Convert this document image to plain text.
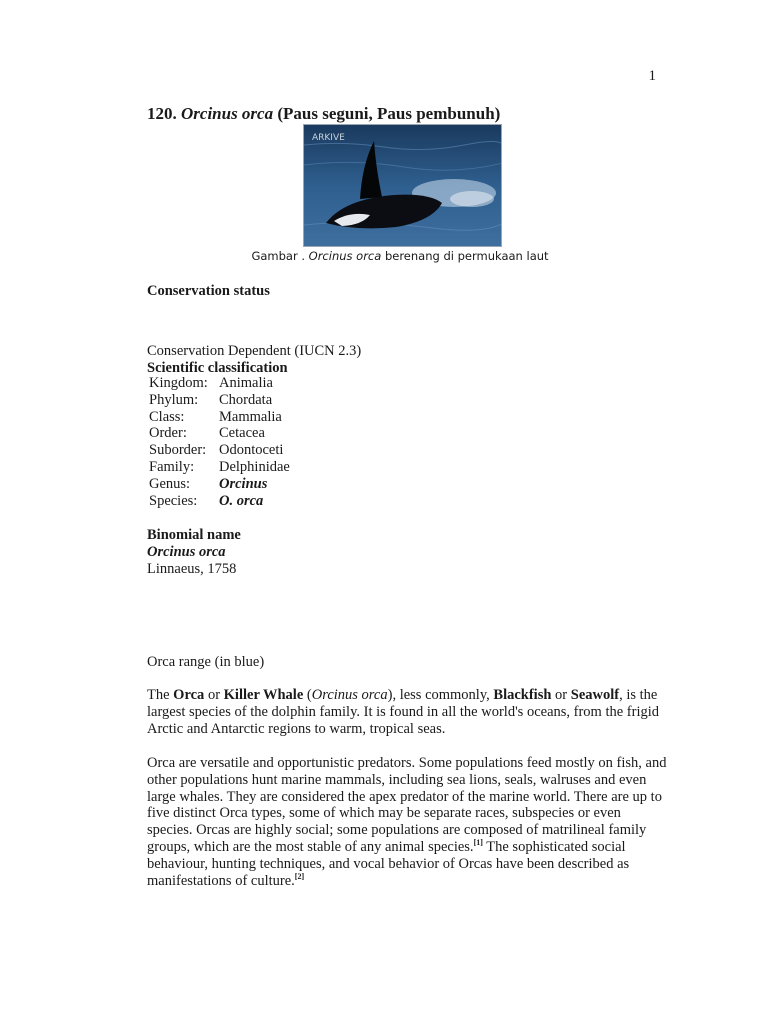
1
120. Orcinus orca (Paus seguni, Paus pembunuh)
ARKIVE
Gambar . Orcinus orca berenang di permukaan laut
Conservation status
Conservation Dependent (IUCN 2.3)
Scientific classification
Kingdom:	Animalia
Phylum:	Chordata
Class:	Mammalia
Order:	Cetacea
Suborder:	Odontoceti
Family:	Delphinidae
Genus:	Orcinus
Species:	O. orca
Binomial name
Orcinus orca
Linnaeus, 1758
Orca range (in blue)

The Orca or Killer Whale (Orcinus orca), less commonly, Blackfish or Seawolf, is the largest species of the dolphin family. It is found in all the world's oceans, from the frigid Arctic and Antarctic regions to warm, tropical seas.

Orca are versatile and opportunistic predators. Some populations feed mostly on fish, and other populations hunt marine mammals, including sea lions, seals, walruses and even large whales. They are considered the apex predator of the marine world. There are up to five distinct Orca types, some of which may be separate races, subspecies or even species. Orcas are highly social; some populations are composed of matrilineal family groups, which are the most stable of any animal species.[1] The sophisticated social behaviour, hunting techniques, and vocal behavior of Orcas have been described as manifestations of culture.[2]
